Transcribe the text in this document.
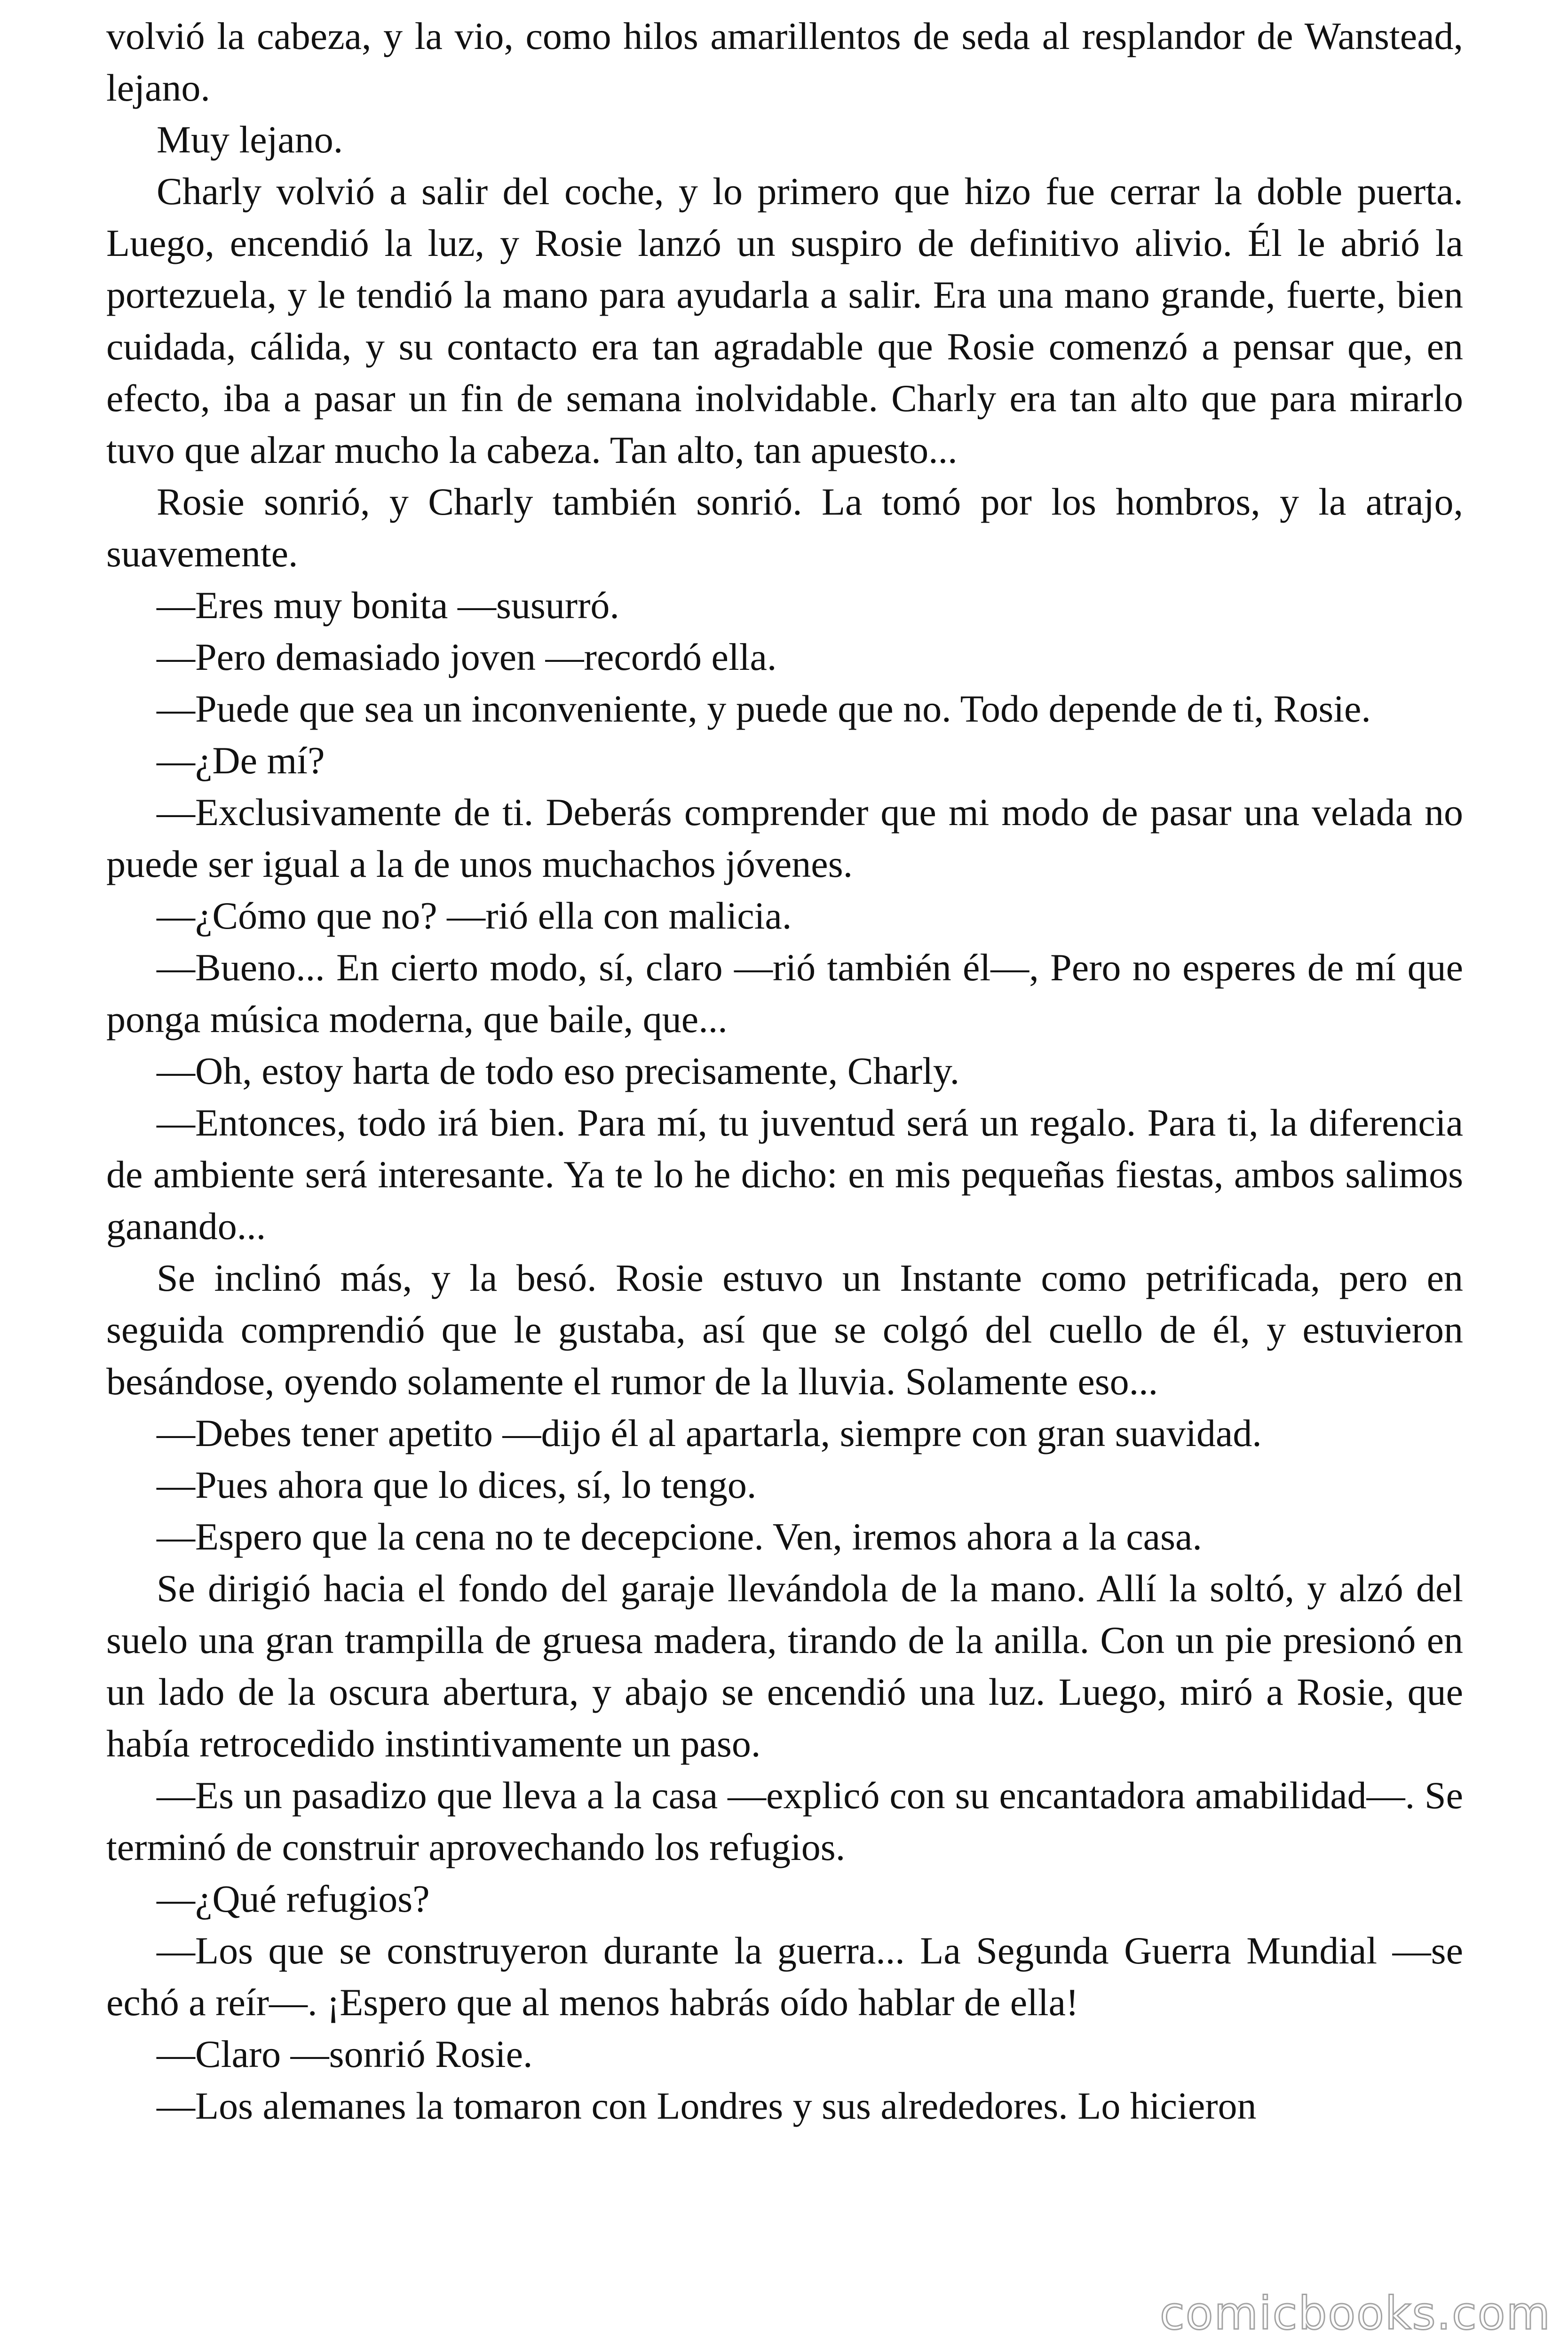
volvió la cabeza, y la vio, como hilos amarillentos de seda al resplandor de Wanstead, lejano.

Muy lejano.

Charly volvió a salir del coche, y lo primero que hizo fue cerrar la doble puerta. Luego, encendió la luz, y Rosie lanzó un suspiro de definitivo alivio. Él le abrió la portezuela, y le tendió la mano para ayudarla a salir. Era una mano grande, fuerte, bien cuidada, cálida, y su contacto era tan agradable que Rosie comenzó a pensar que, en efecto, iba a pasar un fin de semana inolvidable. Charly era tan alto que para mirarlo tuvo que alzar mucho la cabeza. Tan alto, tan apuesto...

Rosie sonrió, y Charly también sonrió. La tomó por los hombros, y la atrajo, suavemente.

—Eres muy bonita —susurró.

—Pero demasiado joven —recordó ella.

—Puede que sea un inconveniente, y puede que no. Todo depende de ti, Rosie.

—¿De mí?

—Exclusivamente de ti. Deberás comprender que mi modo de pasar una velada no puede ser igual a la de unos muchachos jóvenes.

—¿Cómo que no? —rió ella con malicia.

—Bueno... En cierto modo, sí, claro —rió también él—, Pero no esperes de mí que ponga música moderna, que baile, que...

—Oh, estoy harta de todo eso precisamente, Charly.

—Entonces, todo irá bien. Para mí, tu juventud será un regalo. Para ti, la diferencia de ambiente será interesante. Ya te lo he dicho: en mis pequeñas fiestas, ambos salimos ganando...

Se inclinó más, y la besó. Rosie estuvo un Instante como petrificada, pero en seguida comprendió que le gustaba, así que se colgó del cuello de él, y estuvieron besándose, oyendo solamente el rumor de la lluvia. Solamente eso...

—Debes tener apetito —dijo él al apartarla, siempre con gran suavidad.

—Pues ahora que lo dices, sí, lo tengo.

—Espero que la cena no te decepcione. Ven, iremos ahora a la casa.

Se dirigió hacia el fondo del garaje llevándola de la mano. Allí la soltó, y alzó del suelo una gran trampilla de gruesa madera, tirando de la anilla. Con un pie presionó en un lado de la oscura abertura, y abajo se encendió una luz. Luego, miró a Rosie, que había retrocedido instintivamente un paso.

—Es un pasadizo que lleva a la casa —explicó con su encantadora amabilidad—. Se terminó de construir aprovechando los refugios.

—¿Qué refugios?

—Los que se construyeron durante la guerra... La Segunda Guerra Mundial —se echó a reír—. ¡Espero que al menos habrás oído hablar de ella!

—Claro —sonrió Rosie.

—Los alemanes la tomaron con Londres y sus alrededores. Lo hicieron

comicbooks.com
